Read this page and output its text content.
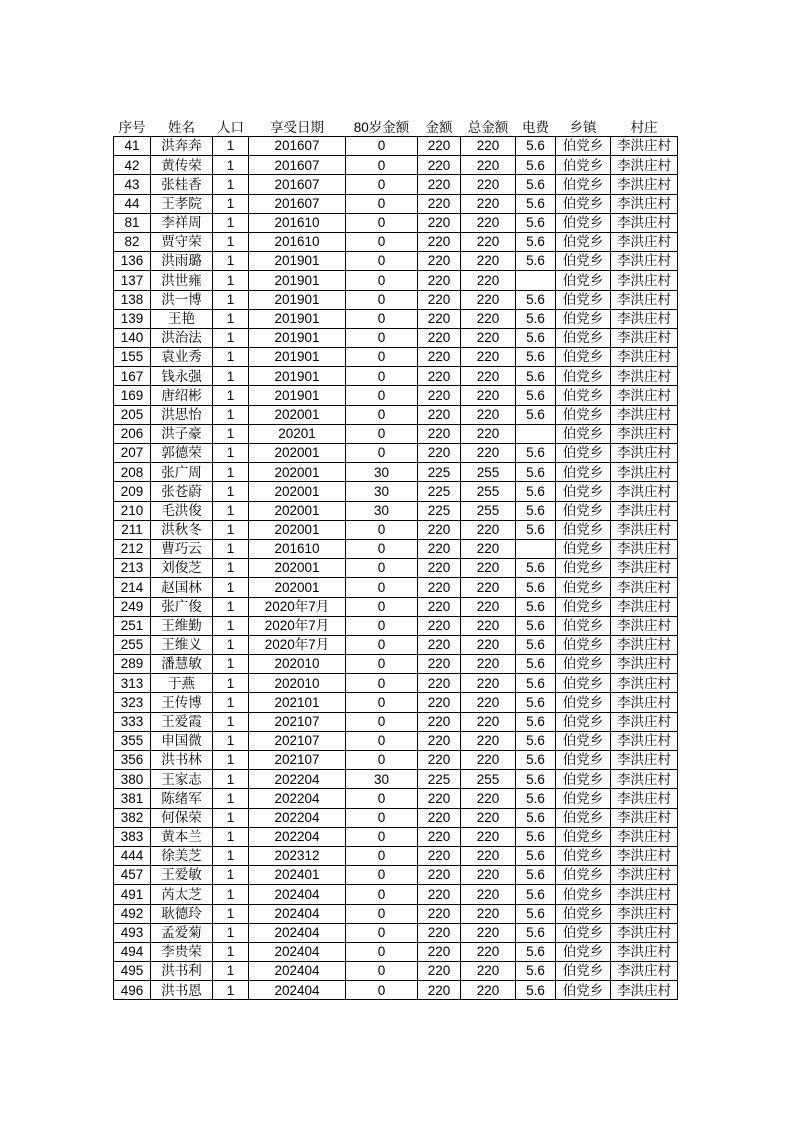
序号	姓名	人口	享受日期	80岁金额	金额	总金额	电费	乡镇	村庄
41	洪奔奔	1	201607	0	220	220	5.6	伯党乡	李洪庄村
42	黄传荣	1	201607	0	220	220	5.6	伯党乡	李洪庄村
43	张桂香	1	201607	0	220	220	5.6	伯党乡	李洪庄村
44	王孝院	1	201607	0	220	220	5.6	伯党乡	李洪庄村
81	李祥周	1	201610	0	220	220	5.6	伯党乡	李洪庄村
82	贾守荣	1	201610	0	220	220	5.6	伯党乡	李洪庄村
136	洪雨璐	1	201901	0	220	220	5.6	伯党乡	李洪庄村
137	洪世雍	1	201901	0	220	220		伯党乡	李洪庄村
138	洪一博	1	201901	0	220	220	5.6	伯党乡	李洪庄村
139	王艳	1	201901	0	220	220	5.6	伯党乡	李洪庄村
140	洪治法	1	201901	0	220	220	5.6	伯党乡	李洪庄村
155	袁业秀	1	201901	0	220	220	5.6	伯党乡	李洪庄村
167	钱永强	1	201901	0	220	220	5.6	伯党乡	李洪庄村
169	唐绍彬	1	201901	0	220	220	5.6	伯党乡	李洪庄村
205	洪思怡	1	202001	0	220	220	5.6	伯党乡	李洪庄村
206	洪子豪	1	20201	0	220	220		伯党乡	李洪庄村
207	郭德荣	1	202001	0	220	220	5.6	伯党乡	李洪庄村
208	张广周	1	202001	30	225	255	5.6	伯党乡	李洪庄村
209	张苍蔚	1	202001	30	225	255	5.6	伯党乡	李洪庄村
210	毛洪俊	1	202001	30	225	255	5.6	伯党乡	李洪庄村
211	洪秋冬	1	202001	0	220	220	5.6	伯党乡	李洪庄村
212	曹巧云	1	201610	0	220	220		伯党乡	李洪庄村
213	刘俊芝	1	202001	0	220	220	5.6	伯党乡	李洪庄村
214	赵国林	1	202001	0	220	220	5.6	伯党乡	李洪庄村
249	张广俊	1	2020年7月	0	220	220	5.6	伯党乡	李洪庄村
251	王维勤	1	2020年7月	0	220	220	5.6	伯党乡	李洪庄村
255	王维义	1	2020年7月	0	220	220	5.6	伯党乡	李洪庄村
289	潘慧敏	1	202010	0	220	220	5.6	伯党乡	李洪庄村
313	于燕	1	202010	0	220	220	5.6	伯党乡	李洪庄村
323	王传博	1	202101	0	220	220	5.6	伯党乡	李洪庄村
333	王爱霞	1	202107	0	220	220	5.6	伯党乡	李洪庄村
355	申国微	1	202107	0	220	220	5.6	伯党乡	李洪庄村
356	洪书林	1	202107	0	220	220	5.6	伯党乡	李洪庄村
380	王家志	1	202204	30	225	255	5.6	伯党乡	李洪庄村
381	陈绪军	1	202204	0	220	220	5.6	伯党乡	李洪庄村
382	何保荣	1	202204	0	220	220	5.6	伯党乡	李洪庄村
383	黄本兰	1	202204	0	220	220	5.6	伯党乡	李洪庄村
444	徐美芝	1	202312	0	220	220	5.6	伯党乡	李洪庄村
457	王爱敏	1	202401	0	220	220	5.6	伯党乡	李洪庄村
491	芮太芝	1	202404	0	220	220	5.6	伯党乡	李洪庄村
492	耿德玲	1	202404	0	220	220	5.6	伯党乡	李洪庄村
493	孟爱菊	1	202404	0	220	220	5.6	伯党乡	李洪庄村
494	李贵荣	1	202404	0	220	220	5.6	伯党乡	李洪庄村
495	洪书利	1	202404	0	220	220	5.6	伯党乡	李洪庄村
496	洪书恩	1	202404	0	220	220	5.6	伯党乡	李洪庄村
